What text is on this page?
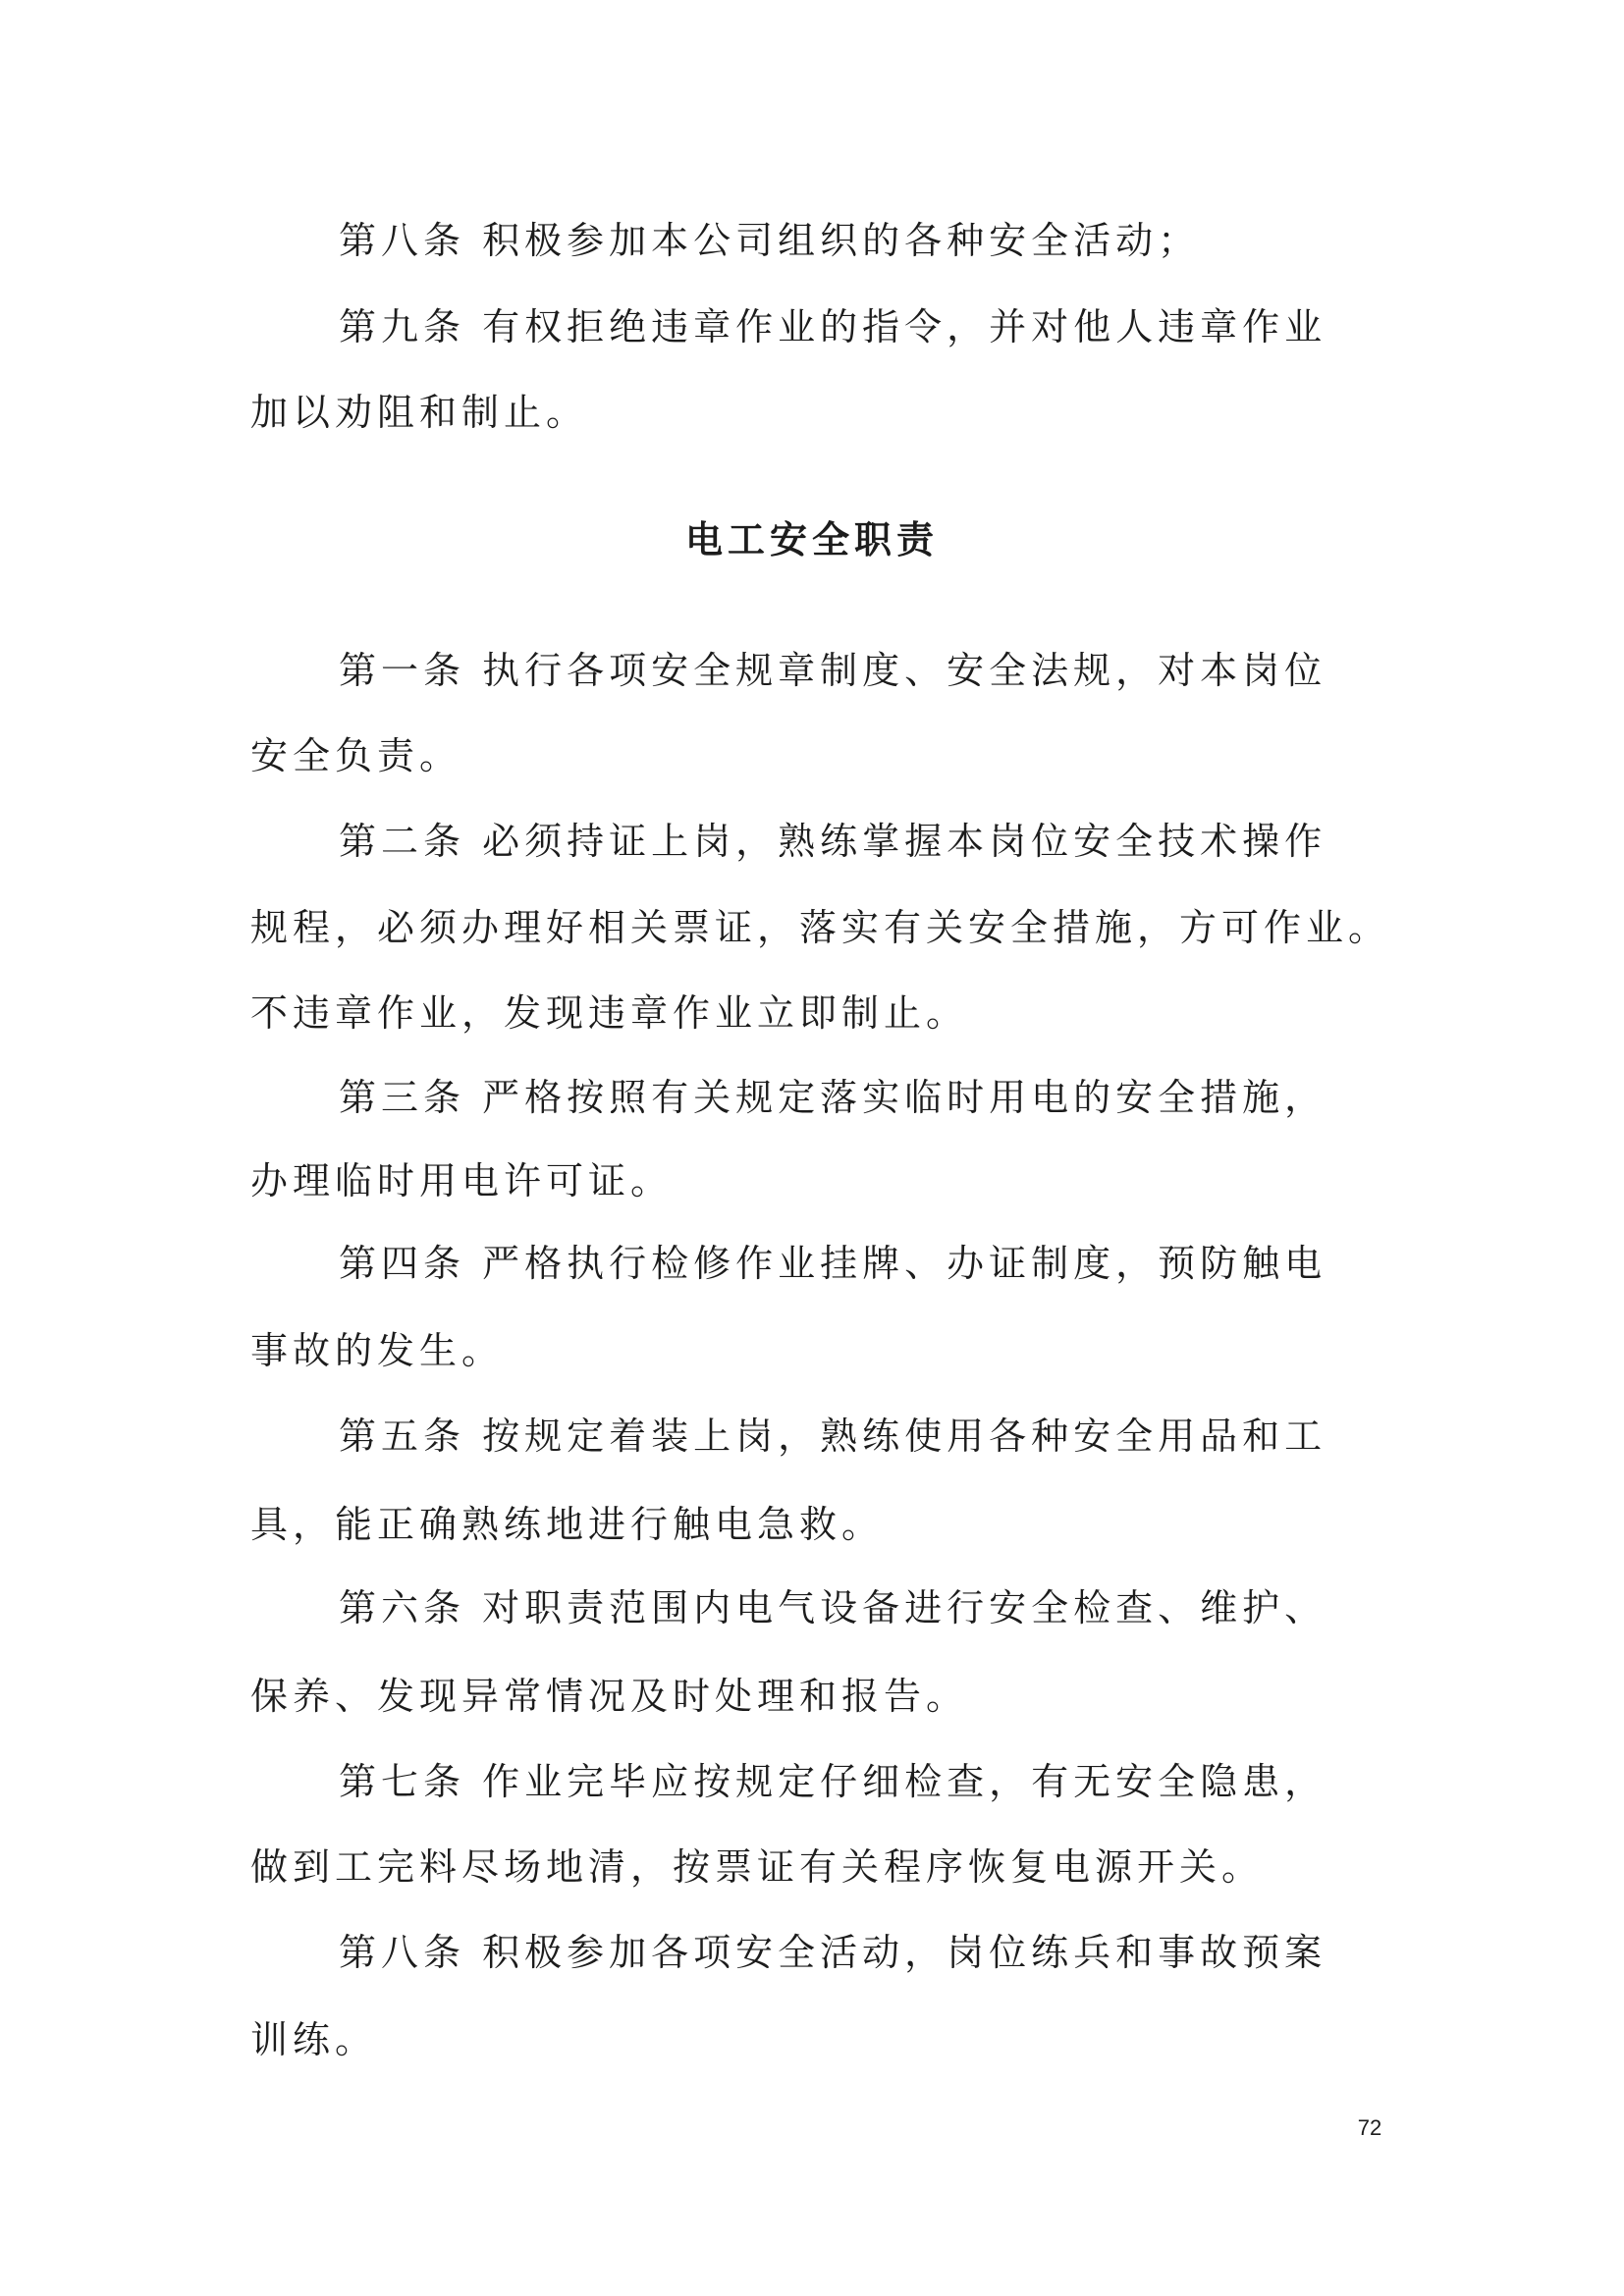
第八条 积极参加本公司组织的各种安全活动；
第九条 有权拒绝违章作业的指令，并对他人违章作业
加以劝阻和制止。
电工安全职责
第一条 执行各项安全规章制度、安全法规，对本岗位
安全负责。
第二条 必须持证上岗，熟练掌握本岗位安全技术操作
规程，必须办理好相关票证，落实有关安全措施，方可作业。
不违章作业，发现违章作业立即制止。
第三条 严格按照有关规定落实临时用电的安全措施，
办理临时用电许可证。
第四条 严格执行检修作业挂牌、办证制度，预防触电
事故的发生。
第五条 按规定着装上岗，熟练使用各种安全用品和工
具，能正确熟练地进行触电急救。
第六条 对职责范围内电气设备进行安全检查、维护、
保养、发现异常情况及时处理和报告。
第七条 作业完毕应按规定仔细检查，有无安全隐患，
做到工完料尽场地清，按票证有关程序恢复电源开关。
第八条 积极参加各项安全活动，岗位练兵和事故预案
训练。
72
